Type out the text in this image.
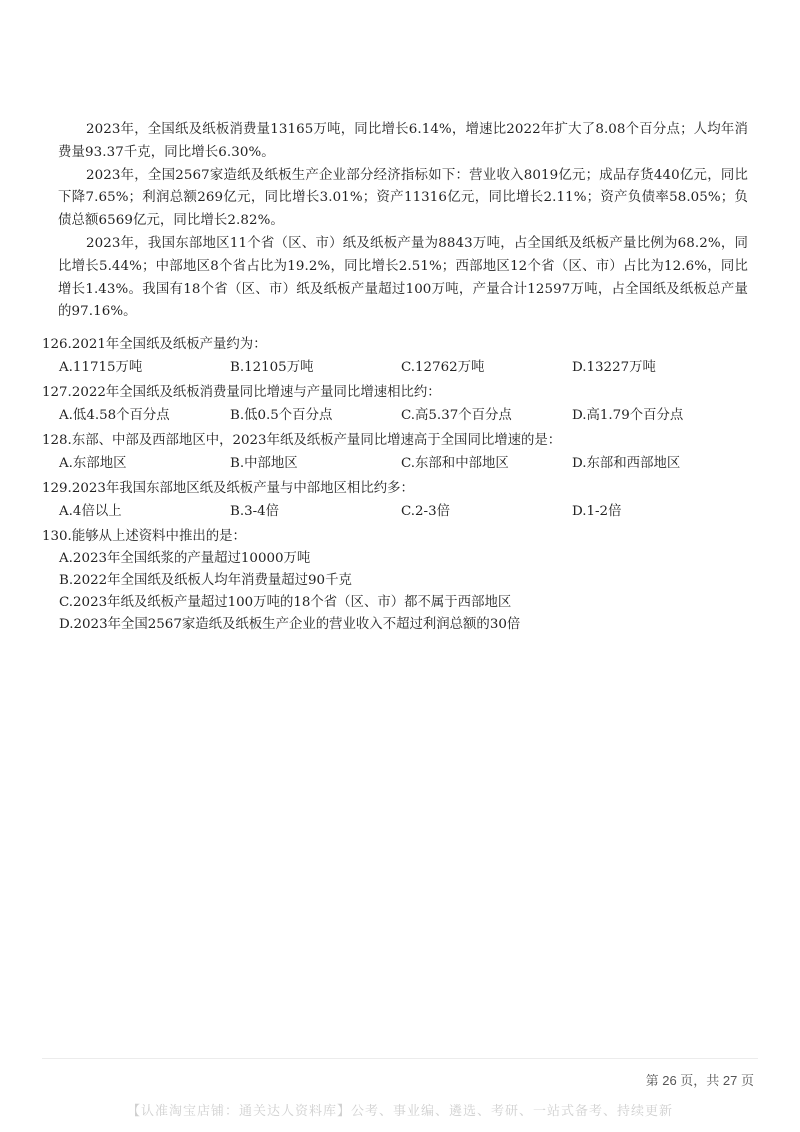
2023年，全国纸及纸板消费量13165万吨，同比增长6.14%，增速比2022年扩大了8.08个百分点；人均年消费量93.37千克，同比增长6.30%。

2023年，全国2567家造纸及纸板生产企业部分经济指标如下：营业收入8019亿元；成品存货440亿元，同比下降7.65%；利润总额269亿元，同比增长3.01%；资产11316亿元，同比增长2.11%；资产负债率58.05%；负债总额6569亿元，同比增长2.82%。

2023年，我国东部地区11个省（区、市）纸及纸板产量为8843万吨，占全国纸及纸板产量比例为68.2%，同比增长5.44%；中部地区8个省占比为19.2%，同比增长2.51%；西部地区12个省（区、市）占比为12.6%，同比增长1.43%。我国有18个省（区、市）纸及纸板产量超过100万吨，产量合计12597万吨，占全国纸及纸板总产量的97.16%。

126.2021年全国纸及纸板产量约为：
A.11715万吨	B.12105万吨	C.12762万吨	D.13227万吨
127.2022年全国纸及纸板消费量同比增速与产量同比增速相比约：
A.低4.58个百分点	B.低0.5个百分点	C.高5.37个百分点	D.高1.79个百分点
128.东部、中部及西部地区中，2023年纸及纸板产量同比增速高于全国同比增速的是：
A.东部地区	B.中部地区	C.东部和中部地区	D.东部和西部地区
129.2023年我国东部地区纸及纸板产量与中部地区相比约多：
A.4倍以上	B.3-4倍	C.2-3倍	D.1-2倍
130.能够从上述资料中推出的是：
A.2023年全国纸浆的产量超过10000万吨
B.2022年全国纸及纸板人均年消费量超过90千克
C.2023年纸及纸板产量超过100万吨的18个省（区、市）都不属于西部地区
D.2023年全国2567家造纸及纸板生产企业的营业收入不超过利润总额的30倍
第 26 页，共 27 页
【认准淘宝店铺：通关达人资料库】公考、事业编、遴选、考研、一站式备考、持续更新
